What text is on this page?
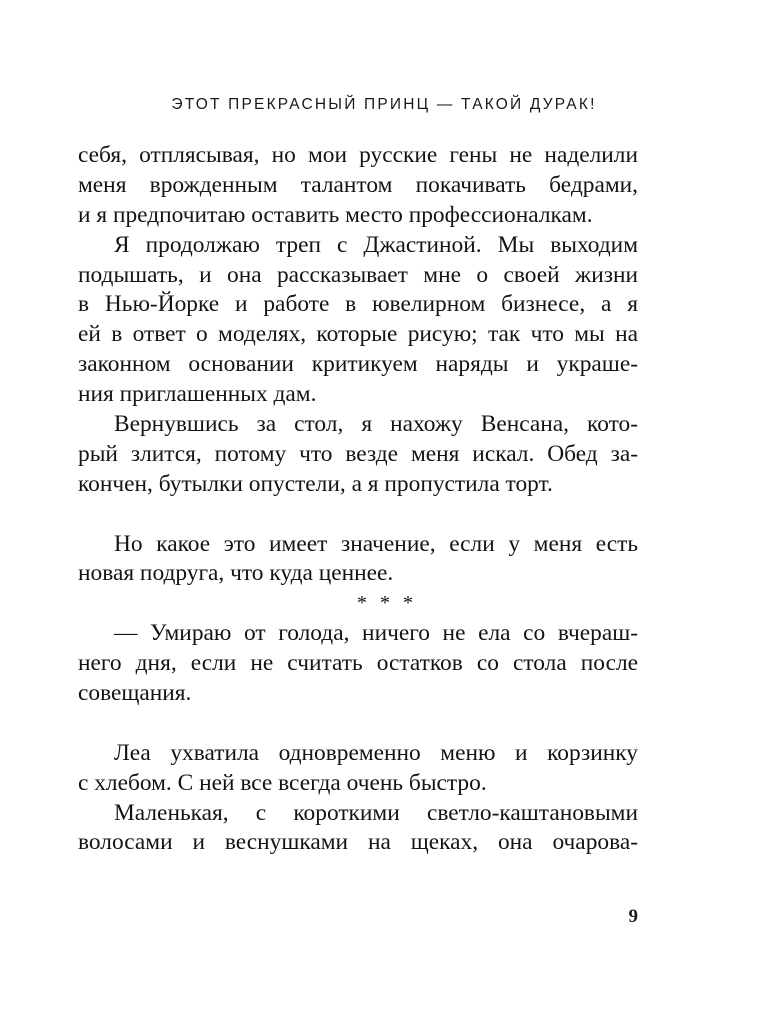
ЭТОТ ПРЕКРАСНЫЙ ПРИНЦ — ТАКОЙ ДУРАК!
себя, отплясывая, но мои русские гены не наделили
меня врожденным талантом покачивать бедрами,
и я предпочитаю оставить место профессионалкам.
Я продолжаю треп с Джастиной. Мы выходим
подышать, и она рассказывает мне о своей жизни
в Нью-Йорке и работе в ювелирном бизнесе, а я
ей в ответ о моделях, которые рисую; так что мы на
законном основании критикуем наряды и украше-
ния приглашенных дам.
Вернувшись за стол, я нахожу Венсана, кото-
рый злится, потому что везде меня искал. Обед за-
кончен, бутылки опустели, а я пропустила торт.
Но какое это имеет значение, если у меня есть
новая подруга, что куда ценнее.
* * *
— Умираю от голода, ничего не ела со вчераш-
него дня, если не считать остатков со стола после
совещания.
Леа ухватила одновременно меню и корзинку
с хлебом. С ней все всегда очень быстро.
Маленькая, с короткими светло-каштановыми
волосами и веснушками на щеках, она очарова-
9
